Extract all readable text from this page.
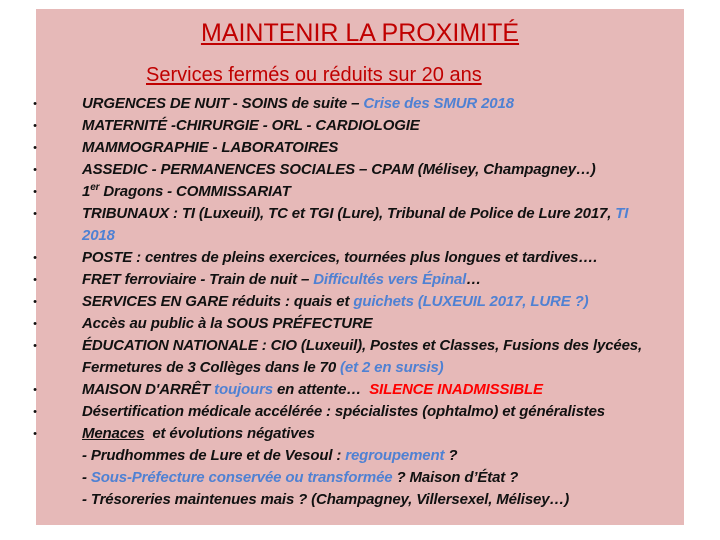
MAINTENIR LA PROXIMITÉ
Services fermés ou réduits sur 20 ans
•	URGENCES DE NUIT - SOINS de suite – Crise des SMUR 2018
•	MATERNITÉ -CHIRURGIE - ORL - CARDIOLOGIE
•	MAMMOGRAPHIE - LABORATOIRES
•	ASSEDIC - PERMANENCES SOCIALES – CPAM (Mélisey, Champagney…)
•	1er Dragons - COMMISSARIAT
•	TRIBUNAUX : TI (Luxeuil), TC et TGI (Lure), Tribunal de Police de Lure 2017, TI 2018
•	POSTE : centres de pleins exercices, tournées plus longues et tardives….
•	FRET ferroviaire - Train de nuit – Difficultés vers Épinal…
•	SERVICES EN GARE réduits : quais et guichets (LUXEUIL 2017, LURE ?)
•	Accès au public à la SOUS PRÉFECTURE
•	ÉDUCATION NATIONALE : CIO (Luxeuil), Postes et Classes, Fusions des lycées, Fermetures de 3 Collèges dans le 70 (et 2 en sursis)
•	MAISON D'ARRÊT toujours en attente…  SILENCE INADMISSIBLE
•	Désertification médicale accélérée : spécialistes (ophtalmo) et généralistes
•	Menaces  et évolutions négatives
- Prudhommes de Lure et de Vesoul : regroupement ?
- Sous-Préfecture conservée ou transformée ? Maison d’État ?
- Trésoreries maintenues mais ? (Champagney, Villersexel, Mélisey…)
